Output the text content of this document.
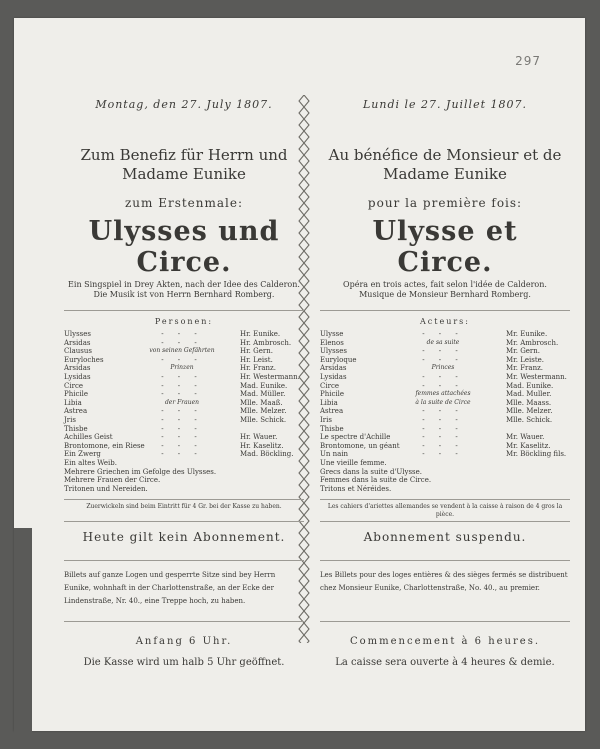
297
Montag, den 27. July 1807.
Zum Benefiz für Herrn und
Madame Eunike
zum Erstenmale:
Ulysses und Circe.
Ein Singspiel in Drey Akten, nach der Idee des Calderon.
Die Musik ist von Herrn Bernhard Romberg.
Personen:
Ulysses	- - -	Hr. Eunike.
Arsidas	- - -	Hr. Ambrosch.
Clausus	von seinen Gefährten	Hr. Gern.
Euryloches	- - -	Hr. Leist.
Arsidas	Prinzen	Hr. Franz.
Lysidas	- - -	Hr. Westermann.
Circe	- - -	Mad. Eunike.
Phicile	- - -	Mad. Müller.
Libia	der Frauen	Mlle. Maaß.
Astrea	- - -	Mlle. Melzer.
Jris	- - -	Mlle. Schick.
Thisbe	- - -
Achilles Geist	- - -	Hr. Wauer.
Brontomone, ein Riese	- - -	Hr. Kaselitz.
Ein Zwerg	- - -	Mad. Böckling.
Ein altes Weib.
Mehrere Griechen im Gefolge des Ulysses.
Mehrere Frauen der Circe.
Tritonen und Nereiden.
Zuerwickeln sind beim Eintritt für 4 Gr. bei der Kasse zu haben.
Heute gilt kein Abonnement.
Billets auf ganze Logen und gesperrte Sitze sind bey Herrn Eunike, wohnhaft in der Charlottenstraße, an der Ecke der Lindenstraße, Nr. 40., eine Treppe hoch, zu haben.
Anfang 6 Uhr.
Die Kasse wird um halb 5 Uhr geöffnet.
Lundi le 27. Juillet 1807.
Au bénéfice de Monsieur et de
Madame Eunike
pour la première fois:
Ulysse et Circe.
Opéra en trois actes, fait selon l'idée de Calderon.
Musique de Monsieur Bernhard Romberg.
Acteurs:
Ulysse	- - -	Mr. Eunike.
Elenos	de sa suite	Mr. Ambrosch.
Ulysses	- - -	Mr. Gern.
Euryloque	- - -	Mr. Leiste.
Arsidas	Princes	Mr. Franz.
Lysidas	- - -	Mr. Westermann.
Circe	- - -	Mad. Eunike.
Phicile	femmes attachées	Mad. Muller.
Libia	à la suite de Circe	Mlle. Maass.
Astrea	- - -	Mlle. Melzer.
Iris	- - -	Mlle. Schick.
Thisbe	- - -
Le spectre d'Achille	- - -	Mr. Wauer.
Brontomone, un géant	- - -	Mr. Kaselitz.
Un nain	- - -	Mr. Böckling fils.
Une vieille femme.
Grecs dans la suite d'Ulysse.
Femmes dans la suite de Circe.
Tritons et Néréides.
Les cahiers d'ariettes allemandes se vendent à la caisse à raison de 4 gros la pièce.
Abonnement suspendu.
Les Billets pour des loges entières & des sièges fermés se distribuent chez Monsieur Eunike, Charlottenstraße, No. 40., au premier.
Commencement à 6 heures.
La caisse sera ouverte à 4 heures & demie.
